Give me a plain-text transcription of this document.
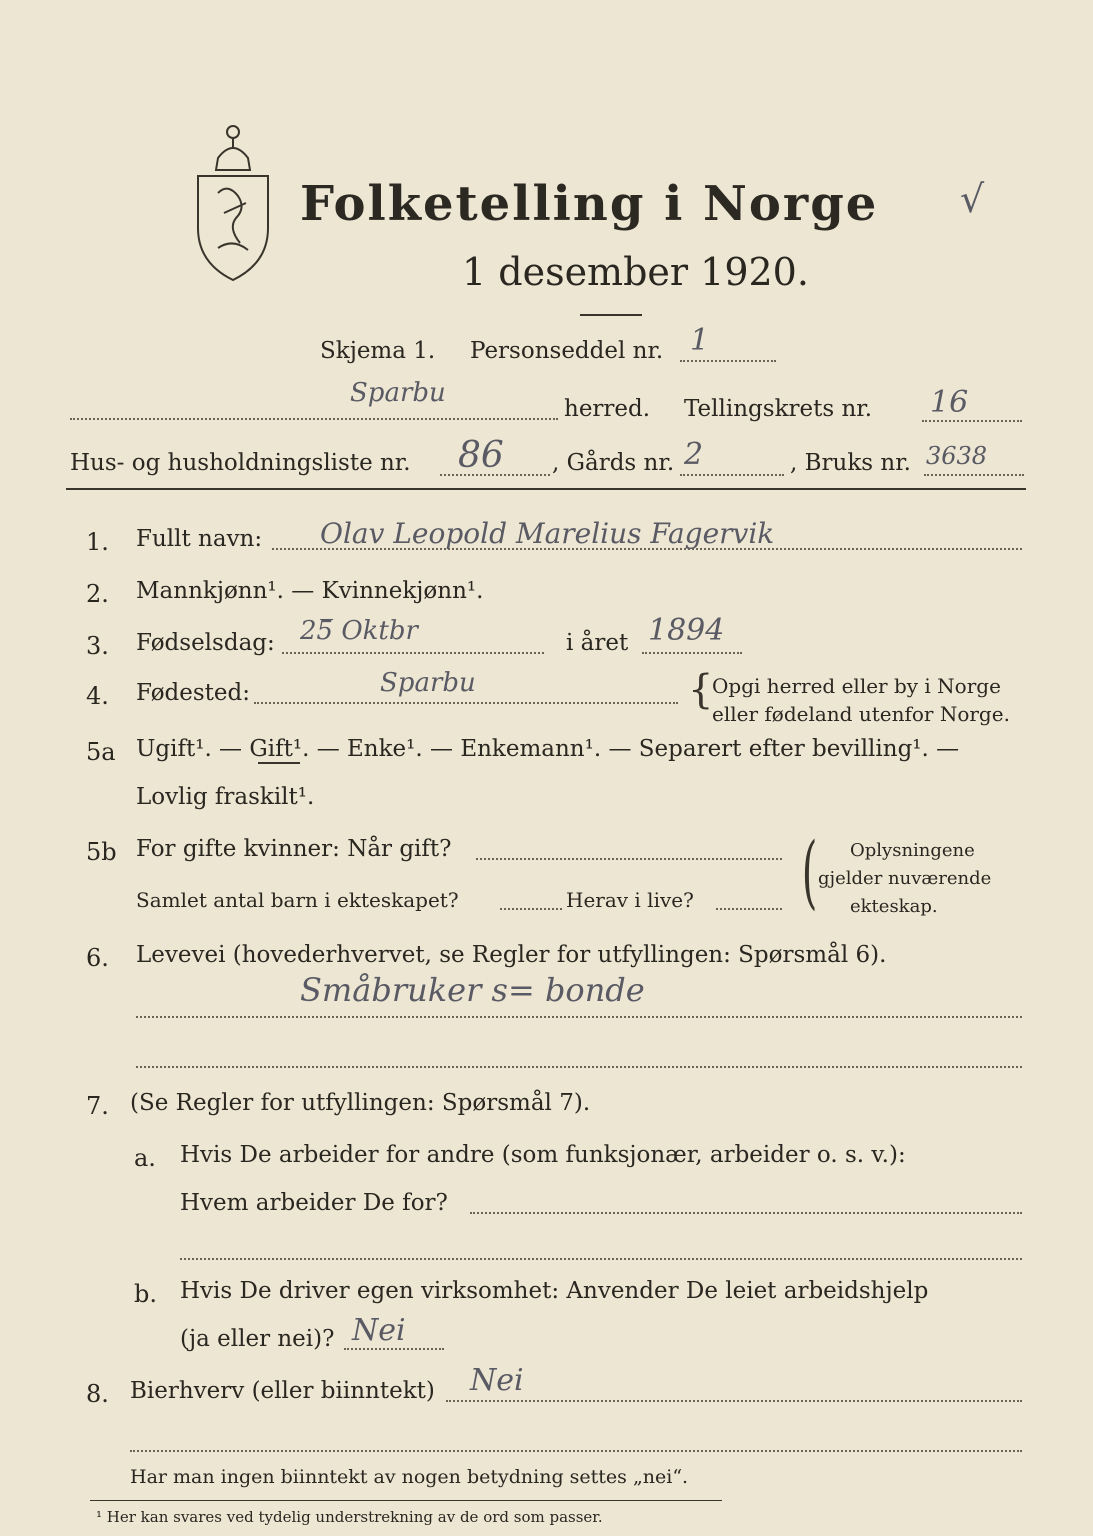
Folketelling i Norge √
1 desember 1920.
Skjema 1. Personseddel nr. 1
Sparbu
herred. Tellingskrets nr. 16
Hus- og husholdningsliste nr. 86 , Gårds nr. 2	, Bruks nr. 3638
1. Fullt navn: Olav Leopold Marelius Fagervik
2. Mannkjønn¹. — Kvinnekjønn¹.
3. Fødselsdag: 25̅ Oktbr	i året 1894
4. Fødested:	Sparbu	{
Opgi herred eller by i Norge
eller fødeland utenfor Norge.
5a Ugift¹. — Gift¹. — Enke¹. — Enkemann¹. — Separert efter bevilling¹. —
Lovlig fraskilt¹.
5b For gifte kvinner: Når gift?
Samlet antal barn i ekteskapet?	Herav i live? ( Oplysningene
gjelder nuværende
ekteskap.
6. Levevei (hovederhvervet, se Regler for utfyllingen: Spørsmål 6).
Småbruker s= bonde
7. (Se Regler for utfyllingen: Spørsmål 7).
a. Hvis De arbeider for andre (som funksjonær, arbeider o. s. v.):
Hvem arbeider De for?
b. Hvis De driver egen virksomhet: Anvender De leiet arbeidshjelp
(ja eller nei)? Nei
8. Bierhverv (eller biinntekt) Nei
Har man ingen biinntekt av nogen betydning settes „nei“.
¹ Her kan svares ved tydelig understrekning av de ord som passer.
